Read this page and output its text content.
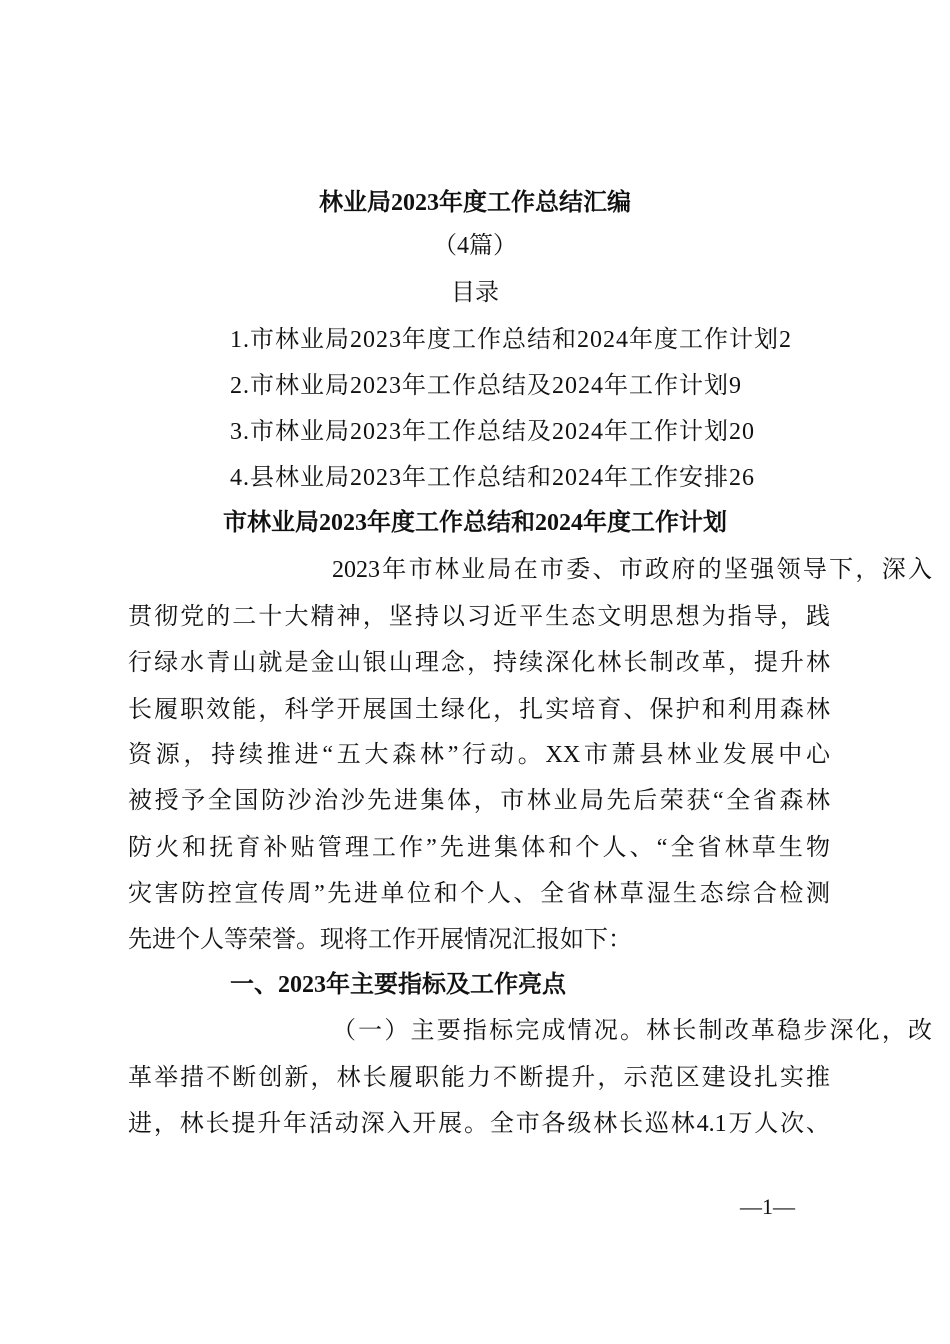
林业局2023年度工作总结汇编
（4篇）
目录
1.市林业局2023年度工作总结和2024年度工作计划2
2.市林业局2023年工作总结及2024年工作计划9
3.市林业局2023年工作总结及2024年工作计划20
4.县林业局2023年工作总结和2024年工作安排26
市林业局2023年度工作总结和2024年度工作计划
2023年市林业局在市委、市政府的坚强领导下，深入
贯彻党的二十大精神，坚持以习近平生态文明思想为指导，践
行绿水青山就是金山银山理念，持续深化林长制改革，提升林
长履职效能，科学开展国土绿化，扎实培育、保护和利用森林
资源，持续推进“五大森林”行动。XX市萧县林业发展中心
被授予全国防沙治沙先进集体，市林业局先后荣获“全省森林
防火和抚育补贴管理工作”先进集体和个人、“全省林草生物
灾害防控宣传周”先进单位和个人、全省林草湿生态综合检测
先进个人等荣誉。现将工作开展情况汇报如下：
一、2023年主要指标及工作亮点
（一）主要指标完成情况。林长制改革稳步深化，改
革举措不断创新，林长履职能力不断提升，示范区建设扎实推
进，林长提升年活动深入开展。全市各级林长巡林4.1万人次、
—1—
